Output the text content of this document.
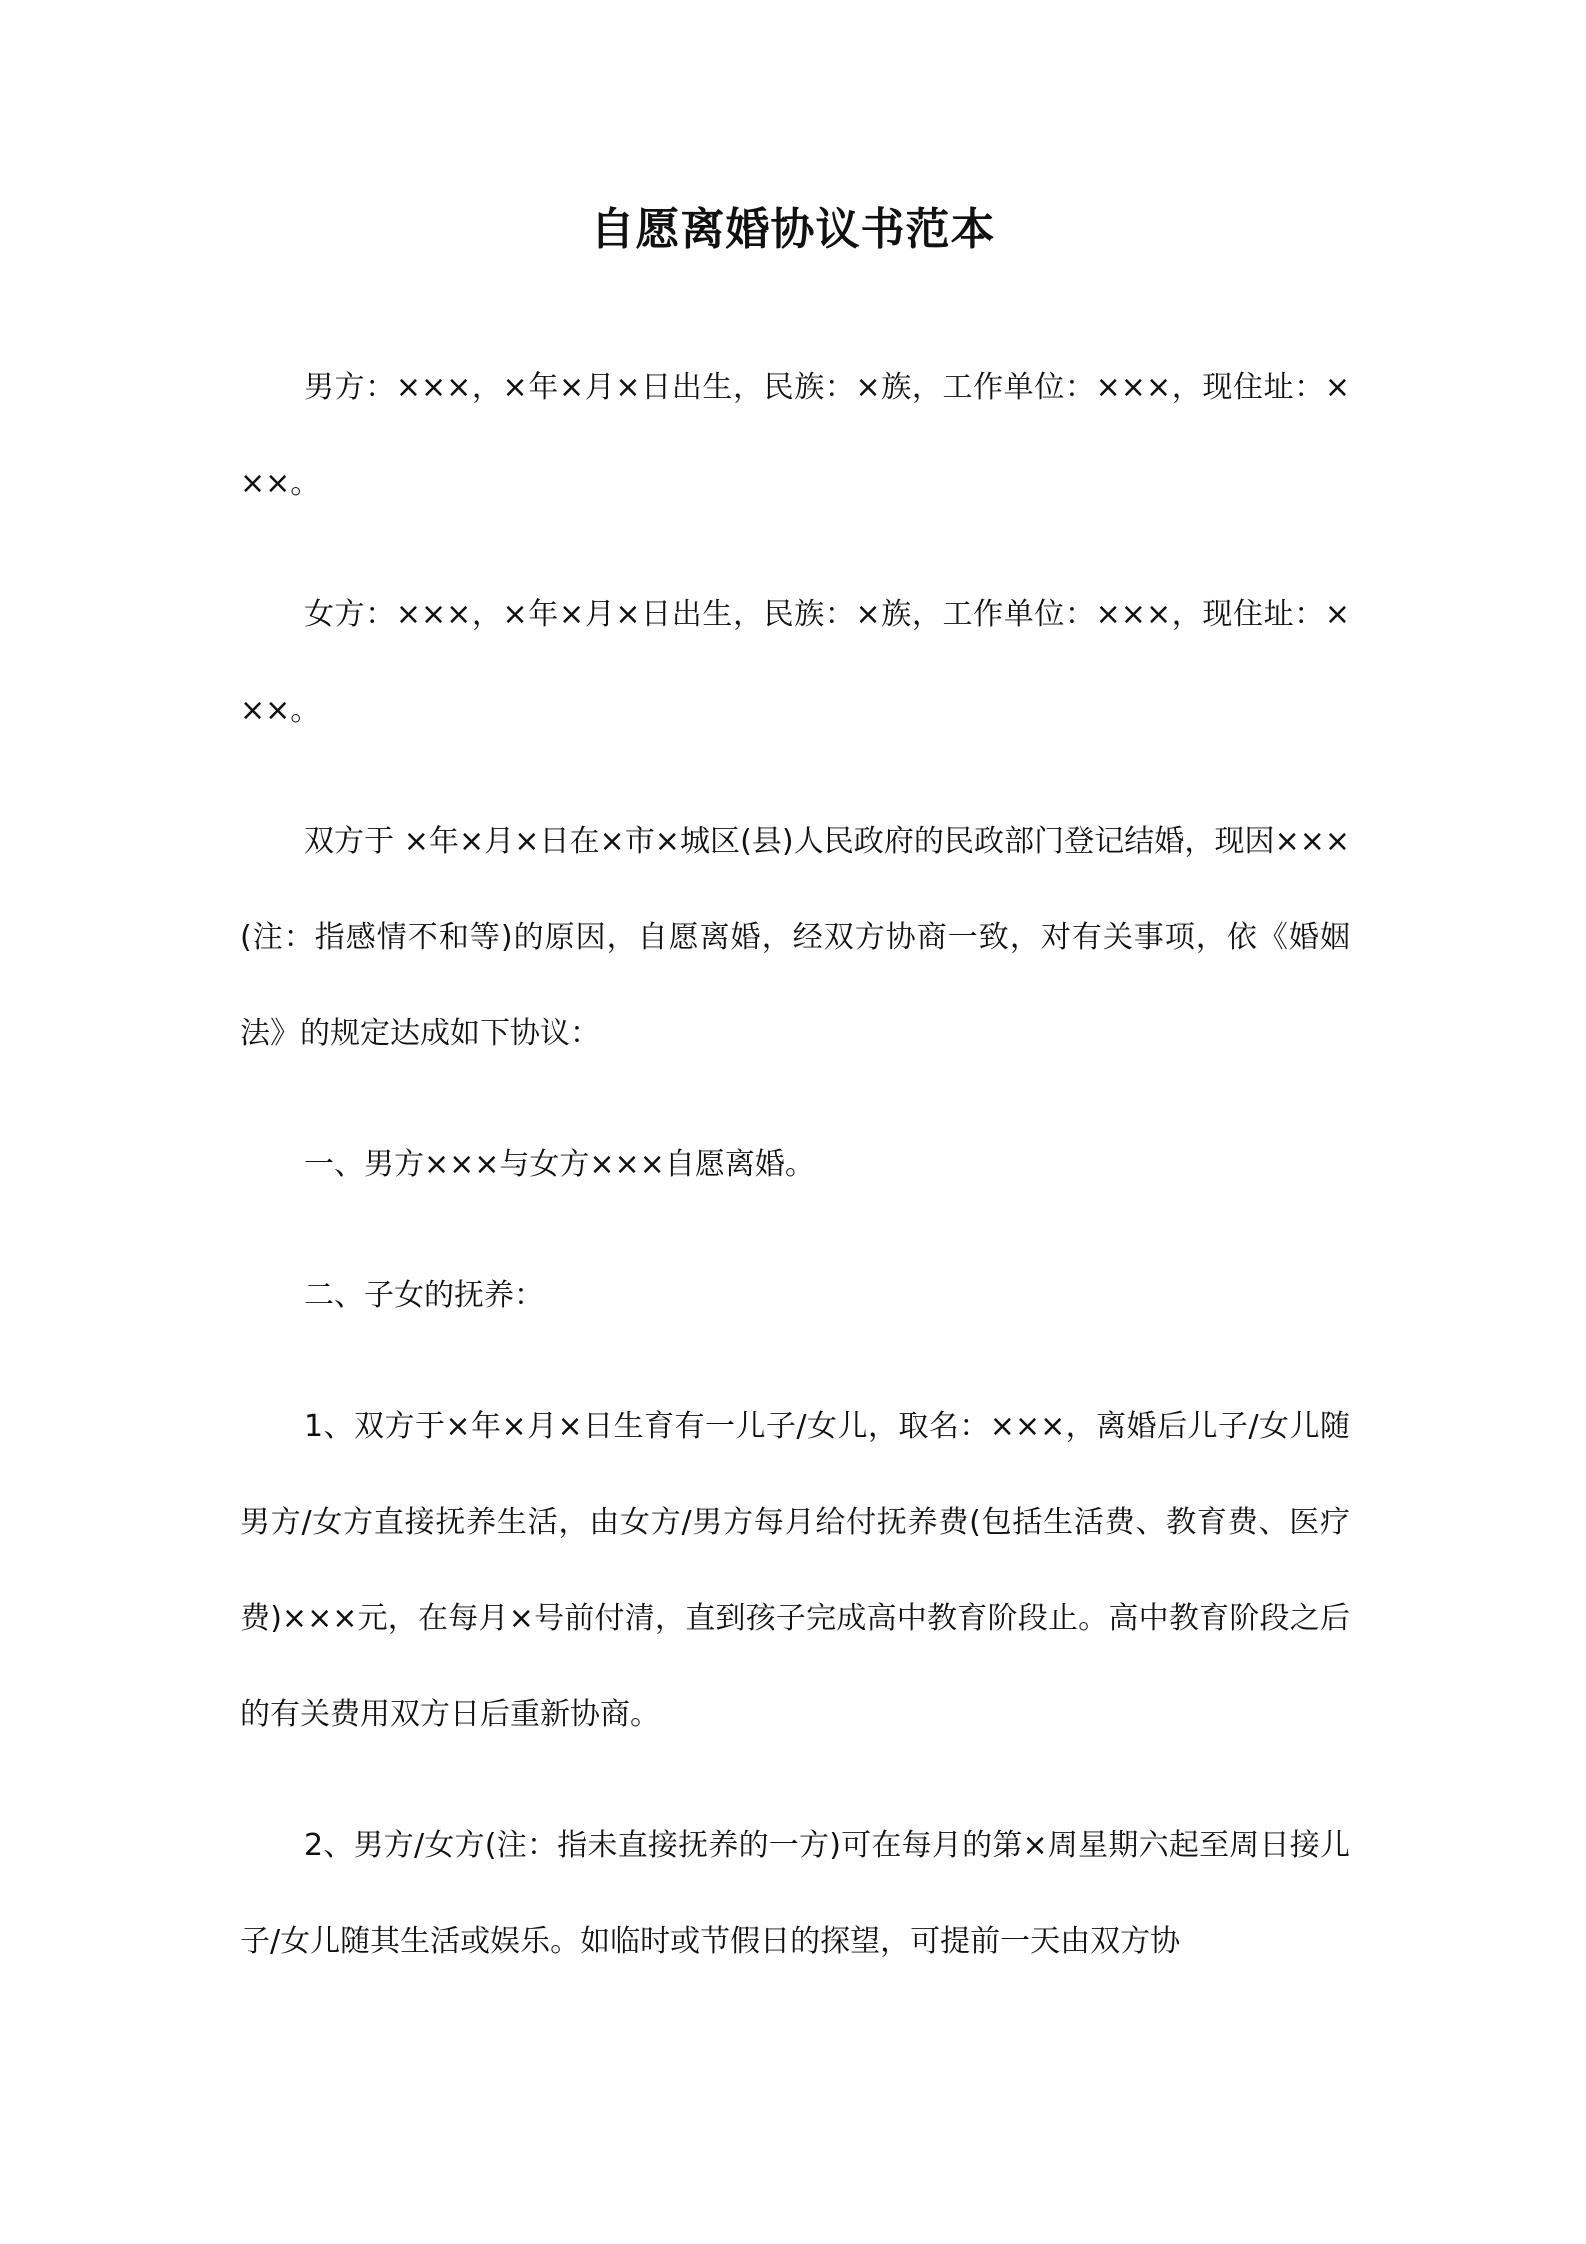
自愿离婚协议书范本

男方：×××，×年×月×日出生，民族：×族，工作单位：×××，现住址：×××。

女方：×××，×年×月×日出生，民族：×族，工作单位：×××，现住址：×××。

双方于 ×年×月×日在×市×城区(县)人民政府的民政部门登记结婚，现因×××(注：指感情不和等)的原因，自愿离婚，经双方协商一致，对有关事项，依《婚姻法》的规定达成如下协议：

一、男方×××与女方×××自愿离婚。

二、子女的抚养：

1、双方于×年×月×日生育有一儿子/女儿，取名：×××，离婚后儿子/女儿随男方/女方直接抚养生活，由女方/男方每月给付抚养费(包括生活费、教育费、医疗费)×××元，在每月×号前付清，直到孩子完成高中教育阶段止。高中教育阶段之后的有关费用双方日后重新协商。

2、男方/女方(注：指未直接抚养的一方)可在每月的第×周星期六起至周日接儿子/女儿随其生活或娱乐。如临时或节假日的探望，可提前一天由双方协
